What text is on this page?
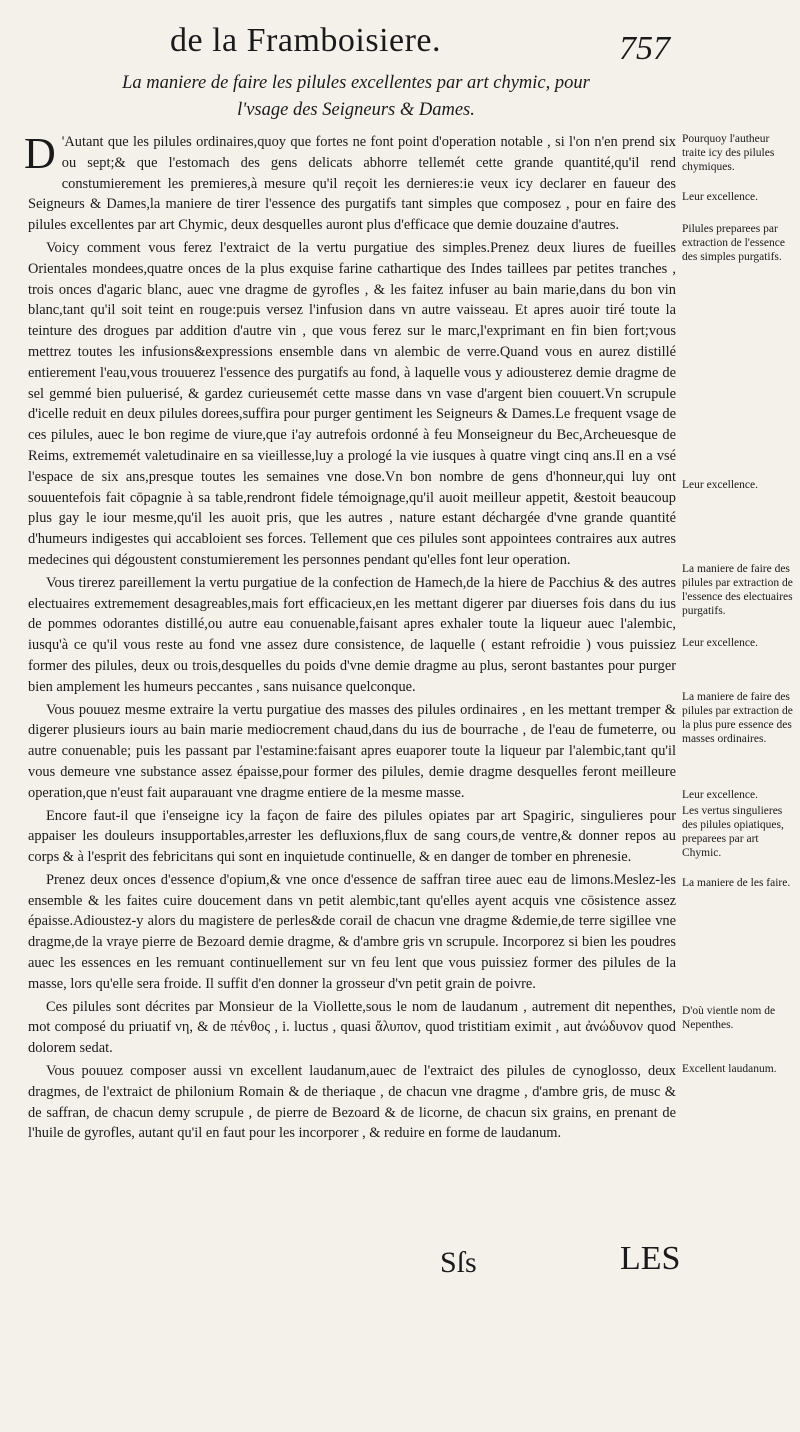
de la Framboisiere.	757
La maniere de faire les pilules excellentes par art chymic, pour
l'vsage des Seigneurs & Dames.

D 'Autant que les pilules ordinaires,quoy que fortes ne font point d'operation notable , si l'on n'en prend six ou sept;& que l'estomach des gens delicats abhorre tellemét cette grande quantité,qu'il rend constumierement les premieres,à mesure qu'il reçoit les dernieres:ie veux icy declarer en faueur des Seigneurs & Dames,la maniere de tirer l'essence des purgatifs tant simples que composez , pour en faire des pilules excellentes par art Chymic, deux desquelles auront plus d'efficace que demie douzaine d'autres.

Voicy comment vous ferez l'extraict de la vertu purgatiue des simples.Prenez deux liures de fueilles Orientales mondees,quatre onces de la plus exquise farine cathartique des Indes taillees par petites tranches , trois onces d'agaric blanc, auec vne dragme de gyrofles , & les faitez infuser au bain marie,dans du bon vin blanc,tant qu'il soit teint en rouge:puis versez l'infusion dans vn autre vaisseau. Et apres auoir tiré toute la teinture des drogues par addition d'autre vin , que vous ferez sur le marc,l'exprimant en fin bien fort;vous mettrez toutes les infusions&expressions ensemble dans vn alembic de verre.Quand vous en aurez distillé entierement l'eau,vous trouuerez l'essence des purgatifs au fond, à laquelle vous y adiousterez demie dragme de sel gemmé bien puluerisé, & gardez curieusemét cette masse dans vn vase d'argent bien couuert.Vn scrupule d'icelle reduit en deux pilules dorees,suffira pour purger gentiment les Seigneurs & Dames.Le frequent vsage de ces pilules, auec le bon regime de viure,que i'ay autrefois ordonné à feu Monseigneur du Bec,Archeuesque de Reims, extrememét valetudinaire en sa vieillesse,luy a prologé la vie iusques à quatre vingt cinq ans.Il en a vsé l'espace de six ans,presque toutes les semaines vne dose.Vn bon nombre de gens d'honneur,qui luy ont souuentefois fait cōpagnie à sa table,rendront fidele témoignage,qu'il auoit meilleur appetit, &estoit beaucoup plus gay le iour mesme,qu'il les auoit pris, que les autres , nature estant déchargée d'vne grande quantité d'humeurs indigestes qui accabloient ses forces. Tellement que ces pilules sont appointees contraires aux autres medecines qui dégoustent constumierement les personnes pendant qu'elles font leur operation.

Vous tirerez pareillement la vertu purgatiue de la confection de Hamech,de la hiere de Pacchius & des autres electuaires extremement desagreables,mais fort efficacieux,en les mettant digerer par diuerses fois dans du ius de pommes odorantes distillé,ou autre eau conuenable,faisant apres exhaler toute la liqueur auec l'alembic, iusqu'à ce qu'il vous reste au fond vne assez dure consistence, de laquelle ( estant refroidie ) vous puissiez former des pilules, deux ou trois,desquelles du poids d'vne demie dragme au plus, seront bastantes pour purger bien amplement les humeurs peccantes , sans nuisance quelconque.

Vous pouuez mesme extraire la vertu purgatiue des masses des pilules ordinaires , en les mettant tremper & digerer plusieurs iours au bain marie mediocrement chaud,dans du ius de bourrache , de l'eau de fumeterre, ou autre conuenable; puis les passant par l'estamine:faisant apres euaporer toute la liqueur par l'alembic,tant qu'il vous demeure vne substance assez épaisse,pour former des pilules, demie dragme desquelles feront meilleure operation,que n'eust fait auparauant vne dragme entiere de la mesme masse.

Encore faut-il que i'enseigne icy la façon de faire des pilules opiates par art Spagiric, singulieres pour appaiser les douleurs insupportables,arrester les defluxions,flux de sang cours,de ventre,& donner repos au corps & à l'esprit des febricitans qui sont en inquietude continuelle, & en danger de tomber en phrenesie.

Prenez deux onces d'essence d'opium,& vne once d'essence de saffran tiree auec eau de limons.Meslez-les ensemble & les faites cuire doucement dans vn petit alembic,tant qu'elles ayent acquis vne cōsistence assez épaisse.Adioustez-y alors du magistere de perles&de corail de chacun vne dragme &demie,de terre sigillee vne dragme,de la vraye pierre de Bezoard demie dragme, & d'ambre gris vn scrupule. Incorporez si bien les poudres auec les essences en les remuant continuellement sur vn feu lent que vous puissiez former des pilules de la masse, lors qu'elle sera froide. Il suffit d'en donner la grosseur d'vn petit grain de poivre.

Ces pilules sont décrites par Monsieur de la Viollette,sous le nom de laudanum , autrement dit nepenthes, mot composé du priuatif νη, & de πένθος , i. luctus , quasi ἄλυπον, quod tristitiam eximit , aut ἀνώδυνον quod dolorem sedat.

Vous pouuez composer aussi vn excellent laudanum,auec de l'extraict des pilules de cynoglosso, deux dragmes, de l'extraict de philonium Romain & de theriaque , de chacun vne dragme , d'ambre gris, de musc & de saffran, de chacun demy scrupule , de pierre de Bezoard & de licorne, de chacun six grains, en prenant de l'huile de gyrofles, autant qu'il en faut pour les incorporer , & reduire en forme de laudanum.

Pourquoy l'autheur traite icy des pilules chymiques.
Leur excellence.
Pilules preparees par extraction de l'essence des simples purgatifs.
Leur excellence.
La maniere de faire des pilules par extraction de l'essence des electuaires purgatifs.
Leur excellence.
La maniere de faire des pilules par extraction de la plus pure essence des masses ordinaires.
Leur excellence.
Les vertus singulieres des pilules opiatiques, preparees par art Chymic.
La maniere de les faire.
D'où vientle nom de Nepenthes.
Excellent laudanum.
Sſs	LES
